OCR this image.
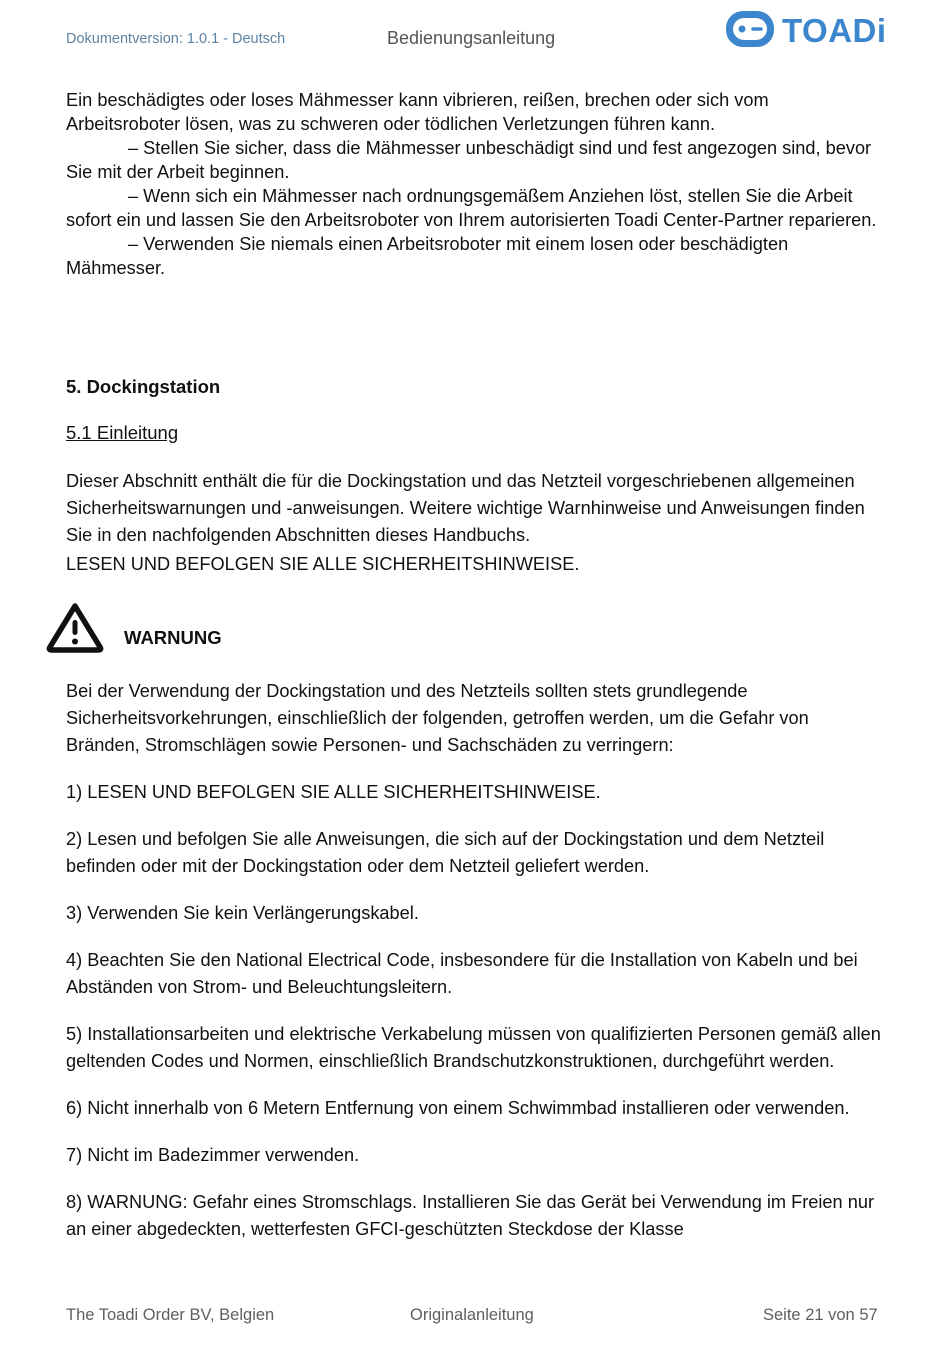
Dokumentversion: 1.0.1 - Deutsch	Bedienungsanleitung	TOADi

Ein beschädigtes oder loses Mähmesser kann vibrieren, reißen, brechen oder sich vom Arbeitsroboter lösen, was zu schweren oder tödlichen Verletzungen führen kann.

– Stellen Sie sicher, dass die Mähmesser unbeschädigt sind und fest angezogen sind, bevor Sie mit der Arbeit beginnen.

– Wenn sich ein Mähmesser nach ordnungsgemäßem Anziehen löst, stellen Sie die Arbeit sofort ein und lassen Sie den Arbeitsroboter von Ihrem autorisierten Toadi Center-Partner reparieren.

– Verwenden Sie niemals einen Arbeitsroboter mit einem losen oder beschädigten Mähmesser.

5. Dockingstation
5.1 Einleitung

Dieser Abschnitt enthält die für die Dockingstation und das Netzteil vorgeschriebenen allgemeinen Sicherheitswarnungen und -anweisungen. Weitere wichtige Warnhinweise und Anweisungen finden Sie in den nachfolgenden Abschnitten dieses Handbuchs.

LESEN UND BEFOLGEN SIE ALLE SICHERHEITSHINWEISE.

WARNUNG

Bei der Verwendung der Dockingstation und des Netzteils sollten stets grundlegende Sicherheitsvorkehrungen, einschließlich der folgenden, getroffen werden, um die Gefahr von Bränden, Stromschlägen sowie Personen- und Sachschäden zu verringern:

1) LESEN UND BEFOLGEN SIE ALLE SICHERHEITSHINWEISE.

2) Lesen und befolgen Sie alle Anweisungen, die sich auf der Dockingstation und dem Netzteil befinden oder mit der Dockingstation oder dem Netzteil geliefert werden.

3) Verwenden Sie kein Verlängerungskabel.

4) Beachten Sie den National Electrical Code, insbesondere für die Installation von Kabeln und bei Abständen von Strom- und Beleuchtungsleitern.

5) Installationsarbeiten und elektrische Verkabelung müssen von qualifizierten Personen gemäß allen geltenden Codes und Normen, einschließlich Brandschutzkonstruktionen, durchgeführt werden.

6) Nicht innerhalb von 6 Metern Entfernung von einem Schwimmbad installieren oder verwenden.

7) Nicht im Badezimmer verwenden.

8) WARNUNG: Gefahr eines Stromschlags. Installieren Sie das Gerät bei Verwendung im Freien nur an einer abgedeckten, wetterfesten GFCI-geschützten Steckdose der Klasse

The Toadi Order BV, Belgien	Originalanleitung	Seite 21 von 57
